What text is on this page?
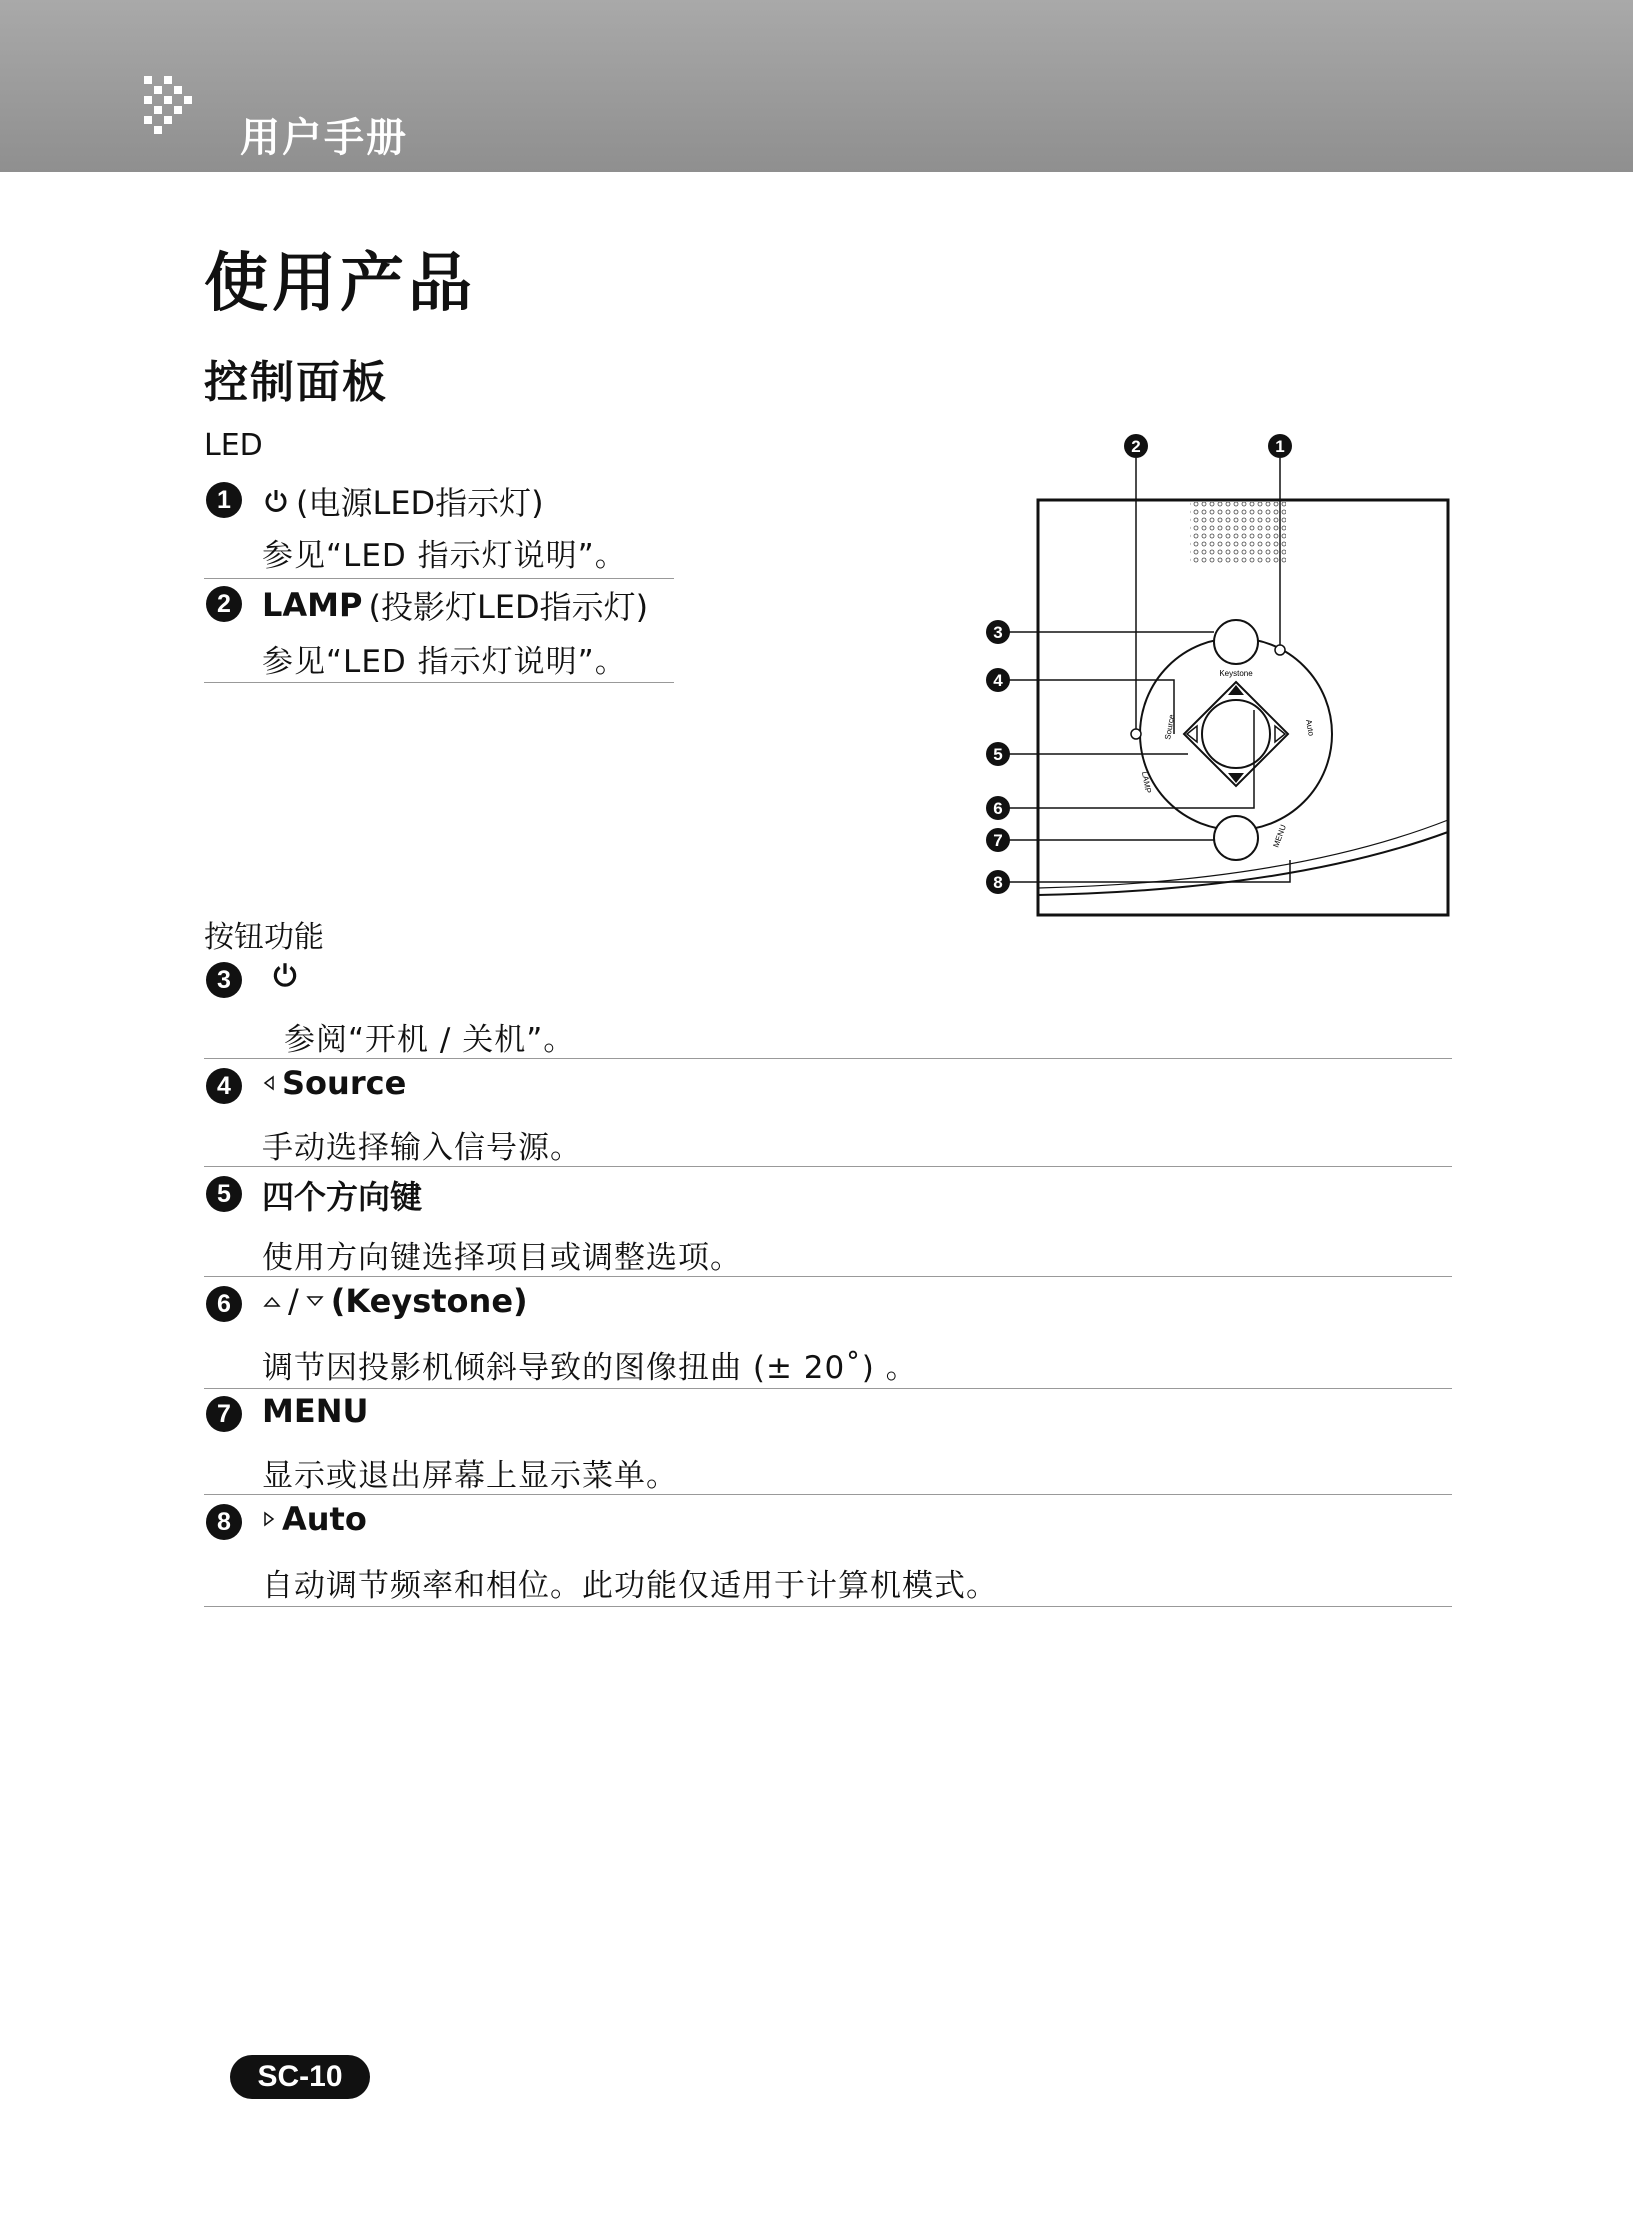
用户手册
使用产品
控制面板
LED
1	(电源LED指示灯)
参见“LED 指示灯说明”。
2 LAMP (投影灯LED指示灯)
参见“LED 指示灯说明”。	Keystone
Source
LAMP
Auto
MENU
2	1
3
4
5
6
7
8
按钮功能
3
参阅“开机 / 关机”。
4	Source
手动选择输入信号源。
5 四个方向键
使用方向键选择项目或调整选项。
6	/ (Keystone)
调节因投影机倾斜导致的图像扭曲 (± 20˚) 。
7 MENU
显示或退出屏幕上显示菜单。
8	Auto
自动调节频率和相位。此功能仅适用于计算机模式。
SC-10
